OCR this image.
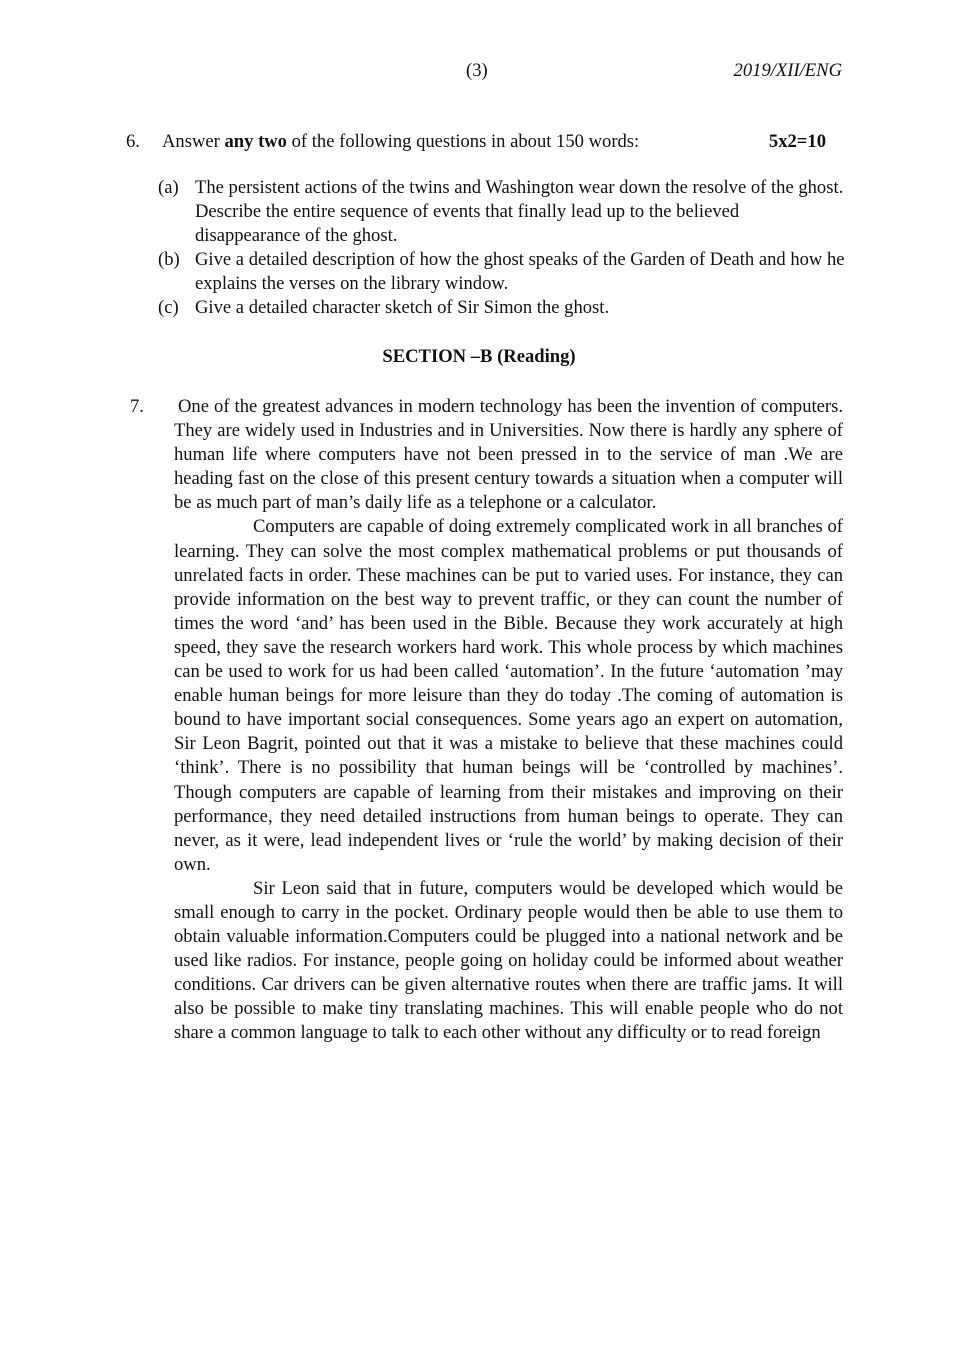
(3)	2019/XII/ENG
6. Answer any two of the following questions in about 150 words:	5x2=10
(a) The persistent actions of the twins and Washington wear down the resolve of the ghost. Describe the entire sequence of events that finally lead up to the believed disappearance of the ghost.
(b) Give a detailed description of how the ghost speaks of the Garden of Death and how he explains the verses on the library window.
(c) Give a detailed character sketch of Sir Simon the ghost.
SECTION –B (Reading)
7. One of the greatest advances in modern technology has been the invention of computers. They are widely used in Industries and in Universities. Now there is hardly any sphere of human life where computers have not been pressed in to the service of man .We are heading fast on the close of this present century towards a situation when a computer will be as much part of man’s daily life as a telephone or a calculator.

Computers are capable of doing extremely complicated work in all branches of learning. They can solve the most complex mathematical problems or put thousands of unrelated facts in order. These machines can be put to varied uses. For instance, they can provide information on the best way to prevent traffic, or they can count the number of times the word ‘and’ has been used in the Bible. Because they work accurately at high speed, they save the research workers hard work. This whole process by which machines can be used to work for us had been called ‘automation’. In the future ‘automation ’may enable human beings for more leisure than they do today .The coming of automation is bound to have important social consequences. Some years ago an expert on automation, Sir Leon Bagrit, pointed out that it was a mistake to believe that these machines could ‘think’. There is no possibility that human beings will be ‘controlled by machines’. Though computers are capable of learning from their mistakes and improving on their performance, they need detailed instructions from human beings to operate. They can never, as it were, lead independent lives or ‘rule the world’ by making decision of their own.

Sir Leon said that in future, computers would be developed which would be small enough to carry in the pocket. Ordinary people would then be able to use them to obtain valuable information.Computers could be plugged into a national network and be used like radios. For instance, people going on holiday could be informed about weather conditions. Car drivers can be given alternative routes when there are traffic jams. It will also be possible to make tiny translating machines. This will enable people who do not share a common language to talk to each other without any difficulty or to read foreign
